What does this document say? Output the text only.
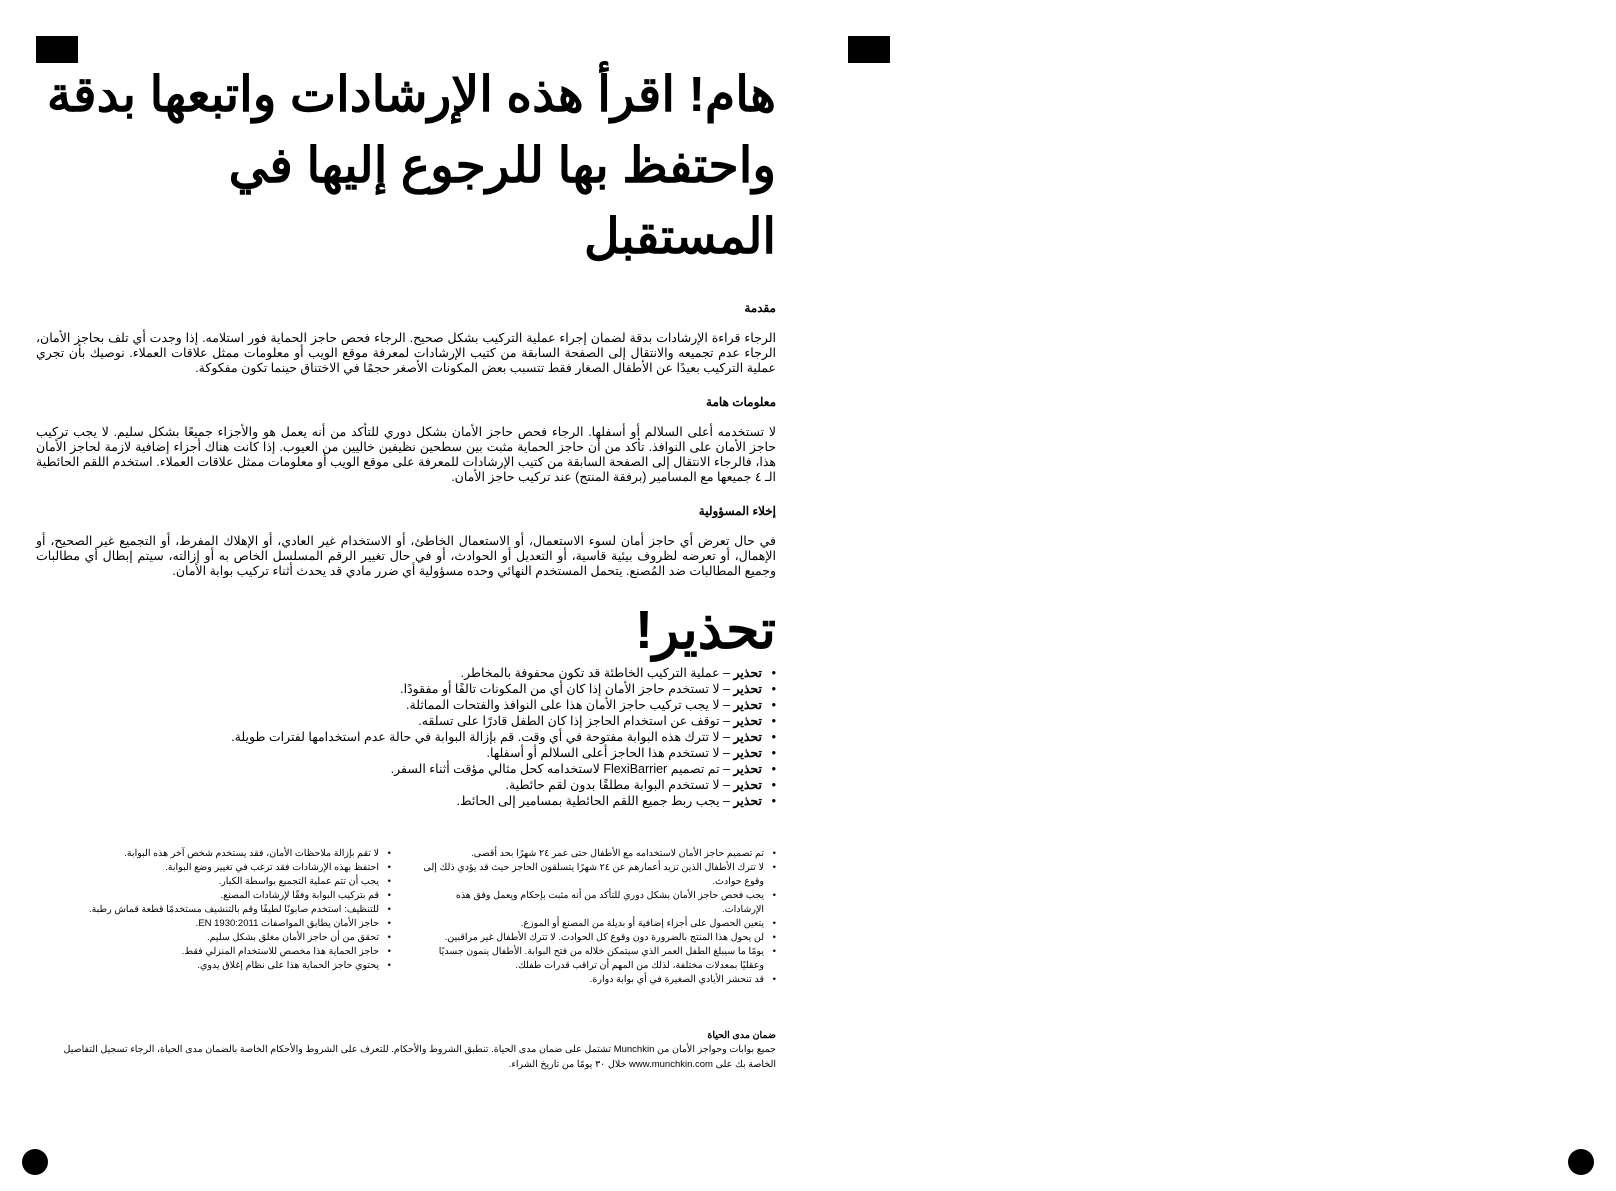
هام! اقرأ هذه الإرشادات واتبعها بدقة
واحتفظ بها للرجوع إليها في المستقبل
مقدمة

الرجاء قراءة الإرشادات بدقة لضمان إجراء عملية التركيب بشكل صحيح. الرجاء فحص حاجز الحماية فور استلامه. إذا وجدت أي تلف بحاجز الأمان، الرجاء عدم تجميعه والانتقال إلى الصفحة السابقة من كتيب الإرشادات لمعرفة موقع الويب أو معلومات ممثل علاقات العملاء. نوصيك بأن تجري عملية التركيب بعيدًا عن الأطفال الصغار فقط تتسبب بعض المكونات الأصغر حجمًا في الاختناق حينما تكون مفكوكة.

معلومات هامة

لا تستخدمه أعلى السلالم أو أسفلها. الرجاء فحص حاجز الأمان بشكل دوري للتأكد من أنه يعمل هو والأجزاء جميعًا بشكل سليم. لا يجب تركيب حاجز الأمان على النوافذ. تأكد من أن حاجز الحماية مثبت بين سطحين نظيفين خاليين من العيوب. إذا كانت هناك أجزاء إضافية لازمة لحاجز الأمان هذا، فالرجاء الانتقال إلى الصفحة السابقة من كتيب الإرشادات للمعرفة على موقع الويب أو معلومات ممثل علاقات العملاء. استخدم اللقم الحائطية الـ ٤ جميعها مع المسامير (برفقة المنتج) عند تركيب حاجز الأمان.

إخلاء المسؤولية

في حال تعرض أي حاجز أمان لسوء الاستعمال، أو الاستعمال الخاطئ، أو الاستخدام غير العادي، أو الإهلاك المفرط، أو التجميع غير الصحيح، أو الإهمال، أو تعرضه لظروف بيئية قاسية، أو التعديل أو الحوادث، أو في حال تغيير الرقم المسلسل الخاص به أو إزالته، سيتم إبطال أي مطالبات وجميع المطالبات ضد المُصنع. يتحمل المستخدم النهائي وحده مسؤولية أي ضرر مادي قد يحدث أثناء تركيب بوابة الأمان.

تحذير!
• تحذير – عملية التركيب الخاطئة قد تكون محفوفة بالمخاطر.
• تحذير – لا تستخدم حاجز الأمان إذا كان أي من المكونات تالفًا أو مفقودًا.
• تحذير – لا يجب تركيب حاجز الأمان هذا على النوافذ والفتحات المماثلة.
• تحذير – توقف عن استخدام الحاجز إذا كان الطفل قادرًا على تسلقه.
• تحذير – لا تترك هذه البوابة مفتوحة في أي وقت. قم بإزالة البوابة في حالة عدم استخدامها لفترات طويلة.
• تحذير – لا تستخدم هذا الحاجز أعلى السلالم أو أسفلها.
• تحذير – تم تصميم FlexiBarrier لاستخدامه كحل مثالي مؤقت أثناء السفر.
• تحذير – لا تستخدم البوابة مطلقًا بدون لقم حائطية.
• تحذير – يجب ربط جميع اللقم الحائطية بمسامير إلى الحائط.
• تم تصميم حاجز الأمان لاستخدامه مع الأطفال حتى عمر ٢٤ شهرًا بحد أقصى.
• لا تترك الأطفال الذين تزيد أعمارهم عن ٢٤ شهرًا يتسلقون الحاجز حيث قد يؤدي ذلك إلى وقوع حوادث.
• يجب فحص حاجز الأمان بشكل دوري للتأكد من أنه مثبت بإحكام ويعمل وفق هذه الإرشادات.
• يتعين الحصول على أجزاء إضافية أو بديلة من المصنع أو الموزع.
• لن يحول هذا المنتج بالضرورة دون وقوع كل الحوادث. لا تترك الأطفال غير مراقبين.
• يومًا ما سيبلغ الطفل العمر الذي سيتمكن خلاله من فتح البوابة. الأطفال ينمون جسديًا وعقليًا بمعدلات مختلفة، لذلك من المهم أن تراقب قدرات طفلك.
• قد تنحشر الأيادي الصغيرة في أي بوابة دوارة.
• لا تقم بإزالة ملاحظات الأمان، فقد يستخدم شخص آخر هذه البوابة.
• احتفظ بهذه الإرشادات فقد ترغب في تغيير وضع البوابة.
• يجب أن تتم عملية التجميع بواسطة الكبار.
• قم بتركيب البوابة وفقًا لإرشادات المصنع.
• للتنظيف: استخدم صابونًا لطيفًا وقم بالتنشيف مستخدمًا قطعة قماش رطبة.
• حاجز الأمان يطابق المواصفات EN 1930:2011.
• تحقق من أن حاجز الأمان مغلق بشكل سليم.
• حاجز الحماية هذا مخصص للاستخدام المنزلي فقط.
• يحتوي حاجز الحماية هذا على نظام إغلاق يدوي.
ضمان مدى الحياة

جميع بوابات وحواجز الأمان من Munchkin تشتمل على ضمان مدى الحياة. تنطبق الشروط والأحكام. للتعرف على الشروط والأحكام الخاصة بالضمان مدى الحياة، الرجاء تسجيل التفاصيل الخاصة بك على www.munchkin.com خلال ٣٠ يومًا من تاريخ الشراء.
